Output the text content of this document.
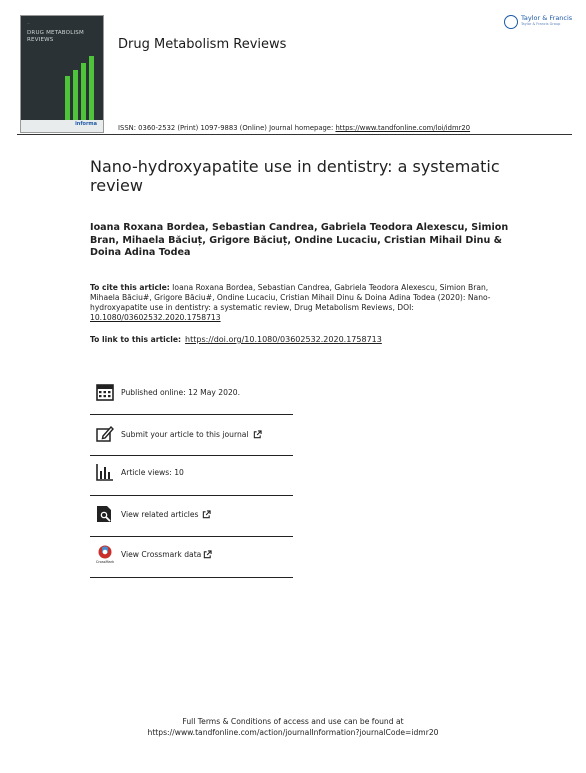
—
DRUG METABOLISM REVIEWS
informa
Taylor & Francis
Taylor & Francis Group
Drug Metabolism Reviews
ISSN: 0360-2532 (Print) 1097-9883 (Online) Journal homepage: https://www.tandfonline.com/loi/idmr20
Nano-hydroxyapatite use in dentistry: a systematic review
Ioana Roxana Bordea, Sebastian Candrea, Gabriela Teodora Alexescu, Simion Bran, Mihaela Băciuț, Grigore Băciuț, Ondine Lucaciu, Cristian Mihail Dinu & Doina Adina Todea
To cite this article: Ioana Roxana Bordea, Sebastian Candrea, Gabriela Teodora Alexescu, Simion Bran, Mihaela Băciu#, Grigore Băciu#, Ondine Lucaciu, Cristian Mihail Dinu & Doina Adina Todea (2020): Nano-hydroxyapatite use in dentistry: a systematic review, Drug Metabolism Reviews, DOI: 10.1080/03602532.2020.1758713
To link to this article: https://doi.org/10.1080/03602532.2020.1758713
Published online: 12 May 2020.
Submit your article to this journal
Article views: 10
View related articles
CrossMark
View Crossmark data
Full Terms & Conditions of access and use can be found at
https://www.tandfonline.com/action/journalInformation?journalCode=idmr20
